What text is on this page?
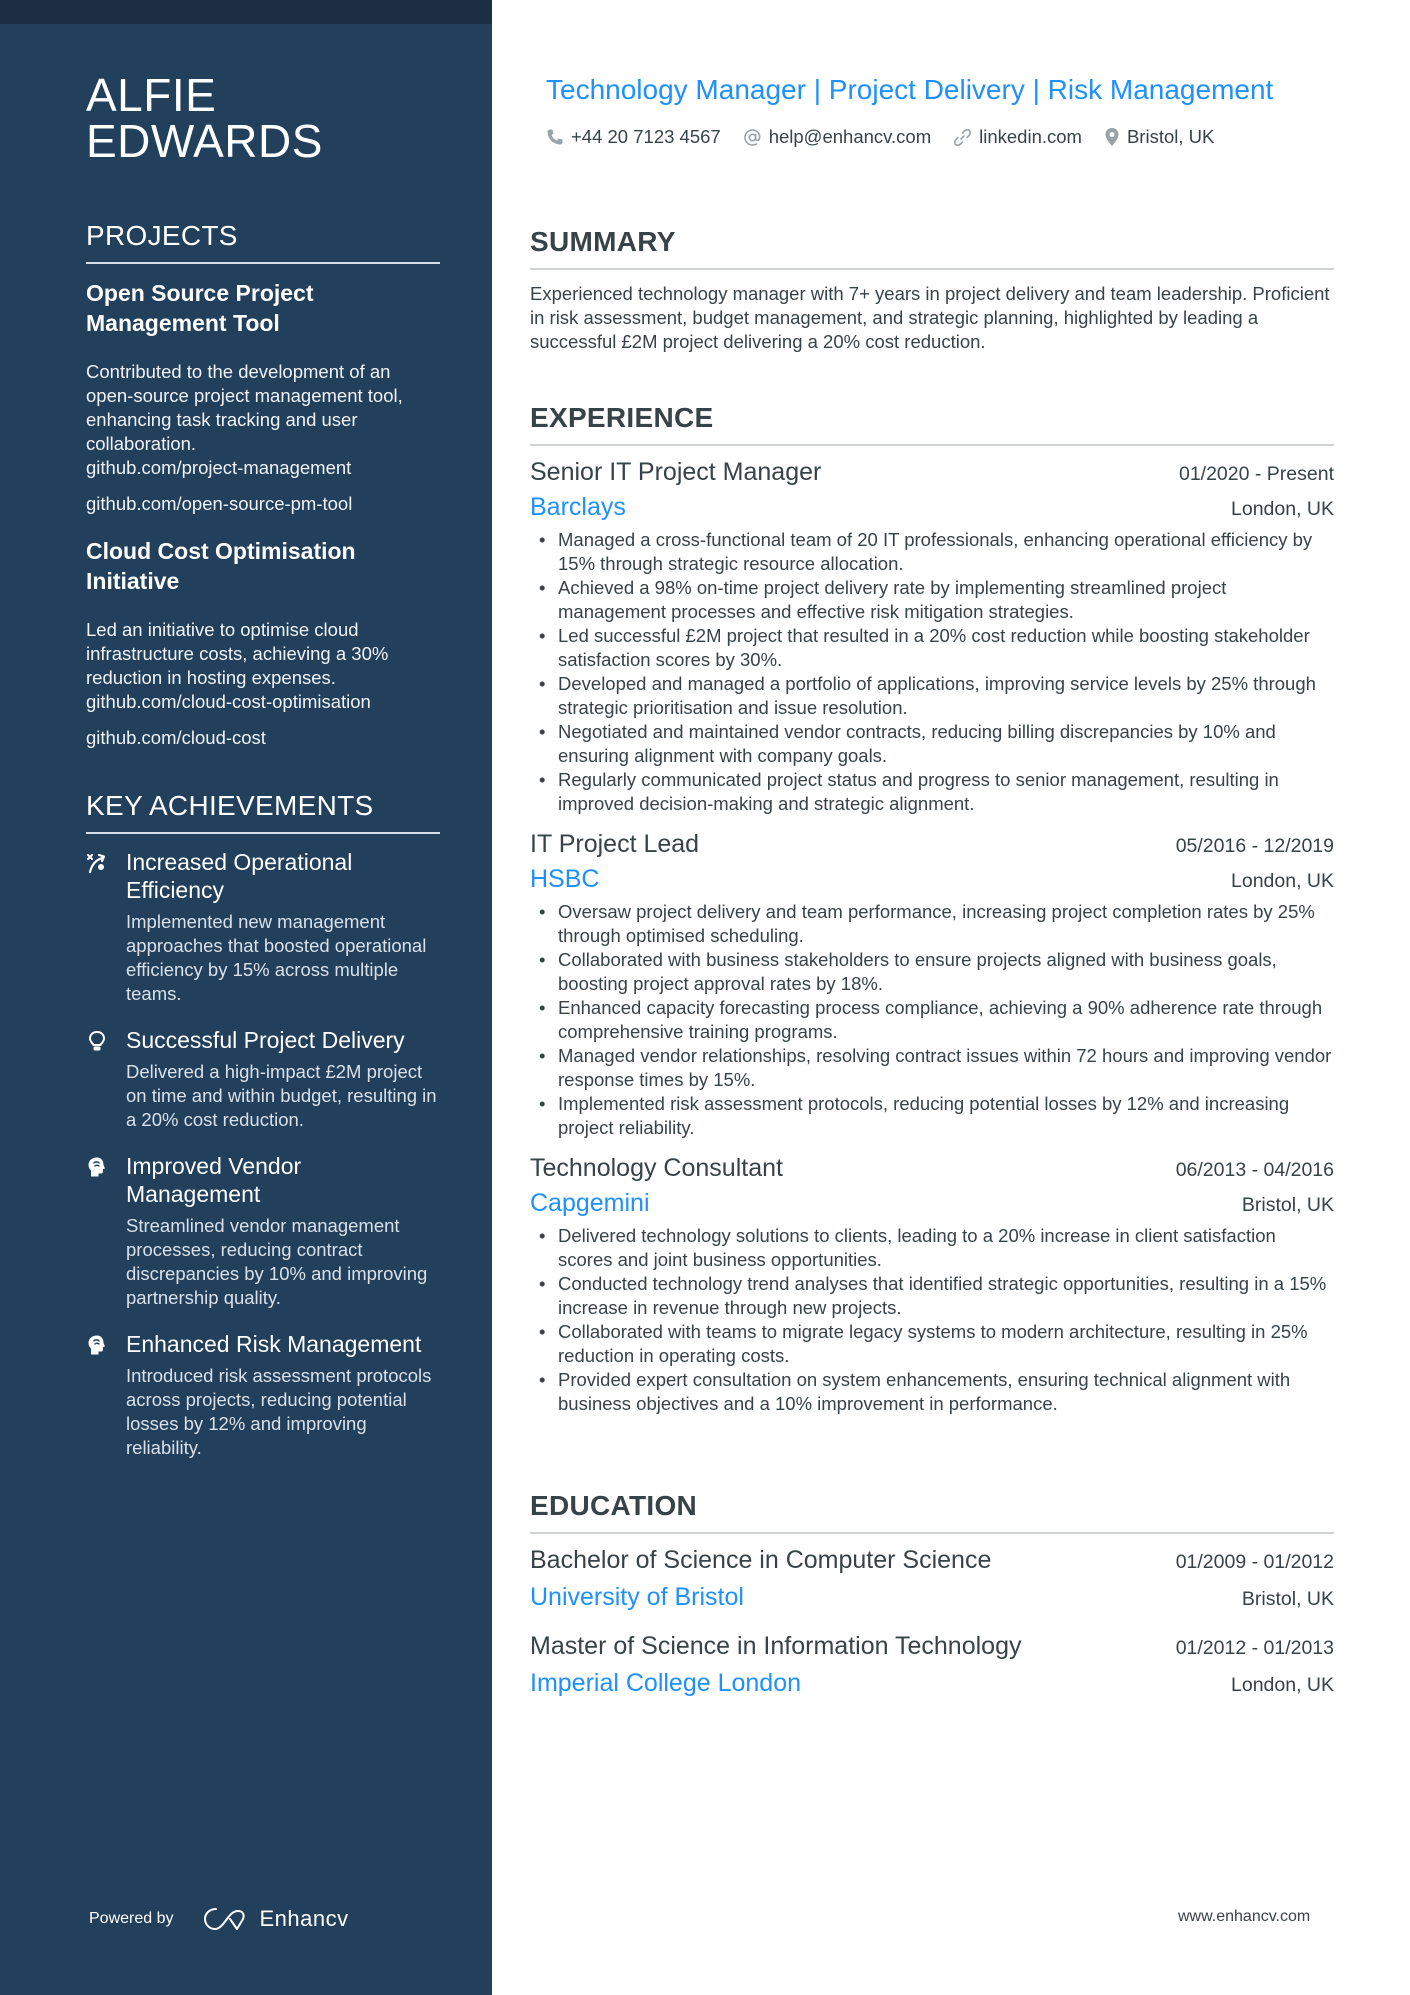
ALFIE
EDWARDS
PROJECTS
Open Source Project Management Tool
Contributed to the development of an open-source project management tool, enhancing task tracking and user collaboration.
github.com/project-management
github.com/open-source-pm-tool
Cloud Cost Optimisation Initiative
Led an initiative to optimise cloud infrastructure costs, achieving a 30% reduction in hosting expenses.
github.com/cloud-cost-optimisation
github.com/cloud-cost
KEY ACHIEVEMENTS
Increased Operational Efficiency
Implemented new management approaches that boosted operational efficiency by 15% across multiple teams.
Successful Project Delivery
Delivered a high-impact £2M project on time and within budget, resulting in a 20% cost reduction.
Improved Vendor Management
Streamlined vendor management processes, reducing contract discrepancies by 10% and improving partnership quality.
Enhanced Risk Management
Introduced risk assessment protocols across projects, reducing potential losses by 12% and improving reliability.
Powered by	Enhancv
Technology Manager | Project Delivery | Risk Management
+44 20 7123 4567	help@enhancv.com	linkedin.com Bristol, UK
SUMMARY

Experienced technology manager with 7+ years in project delivery and team leadership. Proficient in risk assessment, budget management, and strategic planning, highlighted by leading a successful £2M project delivering a 20% cost reduction.

EXPERIENCE
Senior IT Project Manager	01/2020 - Present
Barclays	London, UK
• Managed a cross-functional team of 20 IT professionals, enhancing operational efficiency by 15% through strategic resource allocation.
• Achieved a 98% on-time project delivery rate by implementing streamlined project management processes and effective risk mitigation strategies.
• Led successful £2M project that resulted in a 20% cost reduction while boosting stakeholder satisfaction scores by 30%.
• Developed and managed a portfolio of applications, improving service levels by 25% through strategic prioritisation and issue resolution.
• Negotiated and maintained vendor contracts, reducing billing discrepancies by 10% and ensuring alignment with company goals.
• Regularly communicated project status and progress to senior management, resulting in improved decision-making and strategic alignment.
IT Project Lead	05/2016 - 12/2019
HSBC	London, UK
• Oversaw project delivery and team performance, increasing project completion rates by 25% through optimised scheduling.
• Collaborated with business stakeholders to ensure projects aligned with business goals, boosting project approval rates by 18%.
• Enhanced capacity forecasting process compliance, achieving a 90% adherence rate through comprehensive training programs.
• Managed vendor relationships, resolving contract issues within 72 hours and improving vendor response times by 15%.
• Implemented risk assessment protocols, reducing potential losses by 12% and increasing project reliability.
Technology Consultant	06/2013 - 04/2016
Capgemini	Bristol, UK
• Delivered technology solutions to clients, leading to a 20% increase in client satisfaction scores and joint business opportunities.
• Conducted technology trend analyses that identified strategic opportunities, resulting in a 15% increase in revenue through new projects.
• Collaborated with teams to migrate legacy systems to modern architecture, resulting in 25% reduction in operating costs.
• Provided expert consultation on system enhancements, ensuring technical alignment with business objectives and a 10% improvement in performance.
EDUCATION
Bachelor of Science in Computer Science	01/2009 - 01/2012
University of Bristol	Bristol, UK
Master of Science in Information Technology	01/2012 - 01/2013
Imperial College London	London, UK
www.enhancv.com
